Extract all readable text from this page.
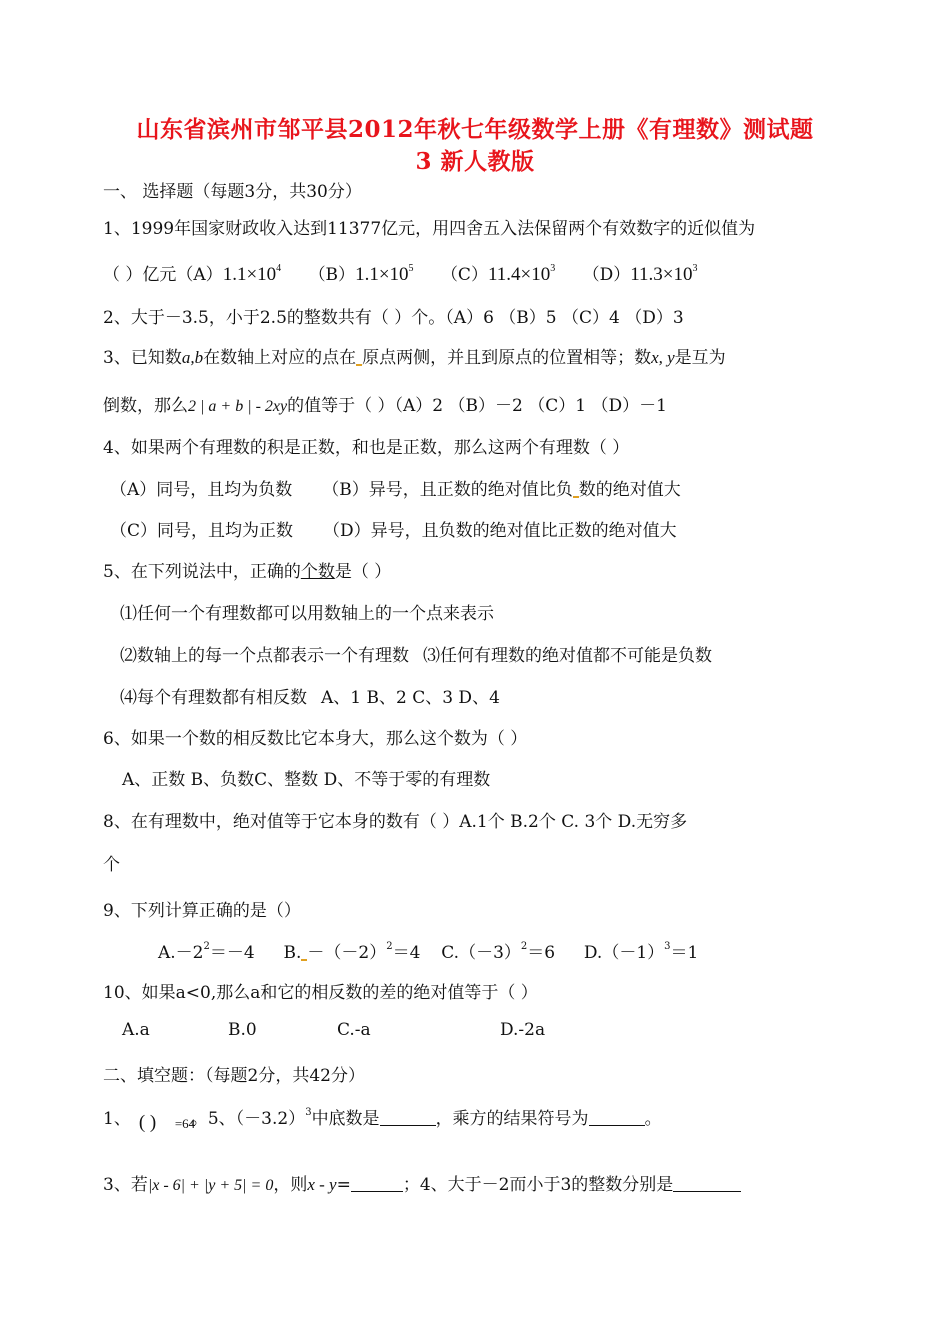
山东省滨州市邹平县2012年秋七年级数学上册《有理数》测试题
3 新人教版
一、 选择题（每题3分，共30分）
1、1999年国家财政收入达到11377亿元，用四舍五入法保留两个有效数字的近似值为
（ ）亿元$(A)1.1\times 10^4$ $(B)1.1\times 10^5$ $(C)11.4\times 10^3$ $(D)11.3\times 10^3$
2、大于－3.5，小于2.5的整数共有（ ）个。（A）6 （B）5 （C）4 （D）3
3、已知数a,b在数轴上对应的点在 原点两侧，并且到原点的位置相等；数x, y是互为
倒数，那么2 | a + b | - 2xy的值等于（ ）（A）2 （B）－2 （C）1 （D）－1
4、如果两个有理数的积是正数，和也是正数，那么这两个有理数（ ）
（A）同号，且均为负数 （B）异号，且正数的绝对值比负 数的绝对值大
（C）同号，且均为正数 （D）异号，且负数的绝对值比正数的绝对值大
5、在下列说法中，正确的个数是（ ）
⑴任何一个有理数都可以用数轴上的一个点来表示
⑵数轴上的每一个点都表示一个有理数 ⑶任何有理数的绝对值都不可能是负数
⑷每个有理数都有相反数 A、1 B、2 C、3 D、4
6、如果一个数的相反数比它本身大，那么这个数为（ ）
A、正数 B、负数C、整数 D、不等于零的有理数
8、在有理数中，绝对值等于它本身的数有（ ）A.1个 B.2个 C. 3个 D.无穷多
个
9、下列计算正确的是（）
$A.-2^2=-4$ B. $-(-2)^2=4$ $C.(-3)^2=6$ $D.(-1)^3=1$
10、如果a<0,那么a和它的相反数的差的绝对值等于（ ）
A.a	B.0	C.-a	D.-2a
二、填空题：（每题2分，共42分）
1、 ( ) =64
。5、$(-3.2)^3$中底数是	，乘方的结果符号为	。
3、若|x - 6| + |y + 5| = 0，则x - y=	；4、大于－2而小于3的整数分别是
